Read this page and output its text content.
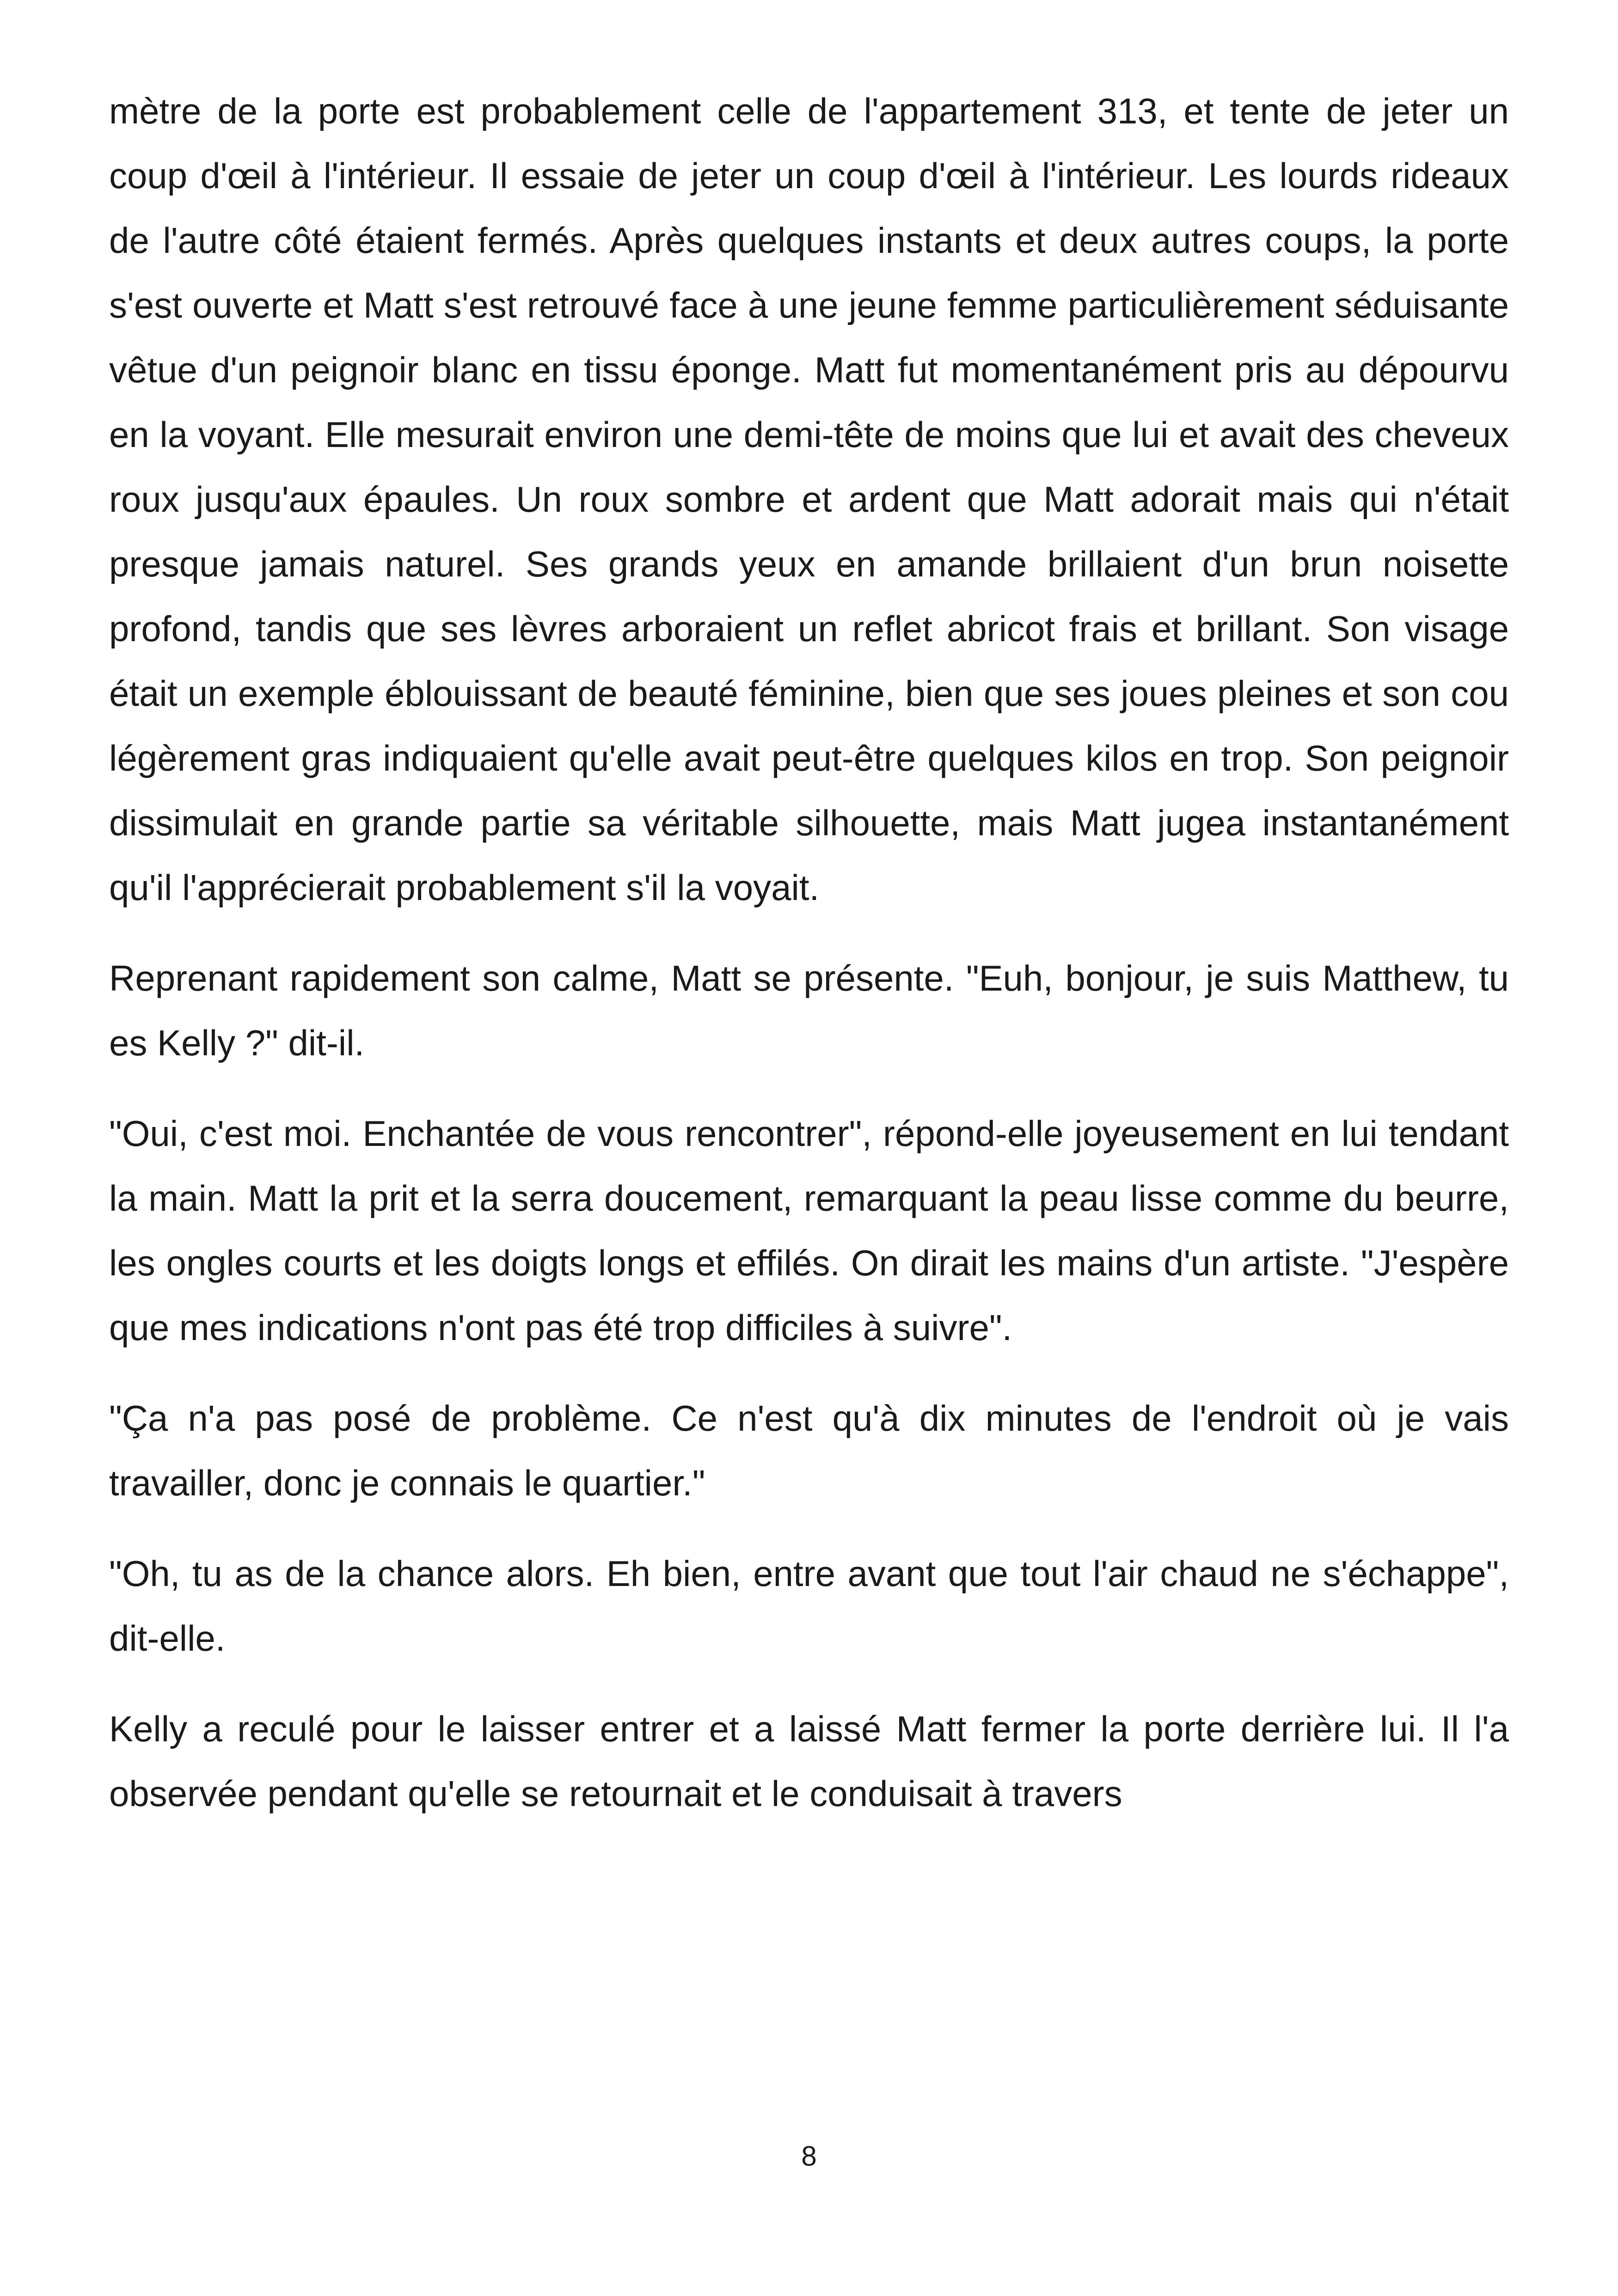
mètre de la porte est probablement celle de l'appartement 313, et tente de jeter un coup d'œil à l'intérieur. Il essaie de jeter un coup d'œil à l'intérieur. Les lourds rideaux de l'autre côté étaient fermés. Après quelques instants et deux autres coups, la porte s'est ouverte et Matt s'est retrouvé face à une jeune femme particulièrement séduisante vêtue d'un peignoir blanc en tissu éponge. Matt fut momentanément pris au dépourvu en la voyant. Elle mesurait environ une demi-tête de moins que lui et avait des cheveux roux jusqu'aux épaules. Un roux sombre et ardent que Matt adorait mais qui n'était presque jamais naturel. Ses grands yeux en amande brillaient d'un brun noisette profond, tandis que ses lèvres arboraient un reflet abricot frais et brillant. Son visage était un exemple éblouissant de beauté féminine, bien que ses joues pleines et son cou légèrement gras indiquaient qu'elle avait peut-être quelques kilos en trop. Son peignoir dissimulait en grande partie sa véritable silhouette, mais Matt jugea instantanément qu'il l'apprécierait probablement s'il la voyait.

Reprenant rapidement son calme, Matt se présente. "Euh, bonjour, je suis Matthew, tu es Kelly ?" dit-il.

"Oui, c'est moi. Enchantée de vous rencontrer", répond-elle joyeusement en lui tendant la main. Matt la prit et la serra doucement, remarquant la peau lisse comme du beurre, les ongles courts et les doigts longs et effilés. On dirait les mains d'un artiste. "J'espère que mes indications n'ont pas été trop difficiles à suivre".

"Ça n'a pas posé de problème. Ce n'est qu'à dix minutes de l'endroit où je vais travailler, donc je connais le quartier."

"Oh, tu as de la chance alors. Eh bien, entre avant que tout l'air chaud ne s'échappe", dit-elle.

Kelly a reculé pour le laisser entrer et a laissé Matt fermer la porte derrière lui. Il l'a observée pendant qu'elle se retournait et le conduisait à travers

8
